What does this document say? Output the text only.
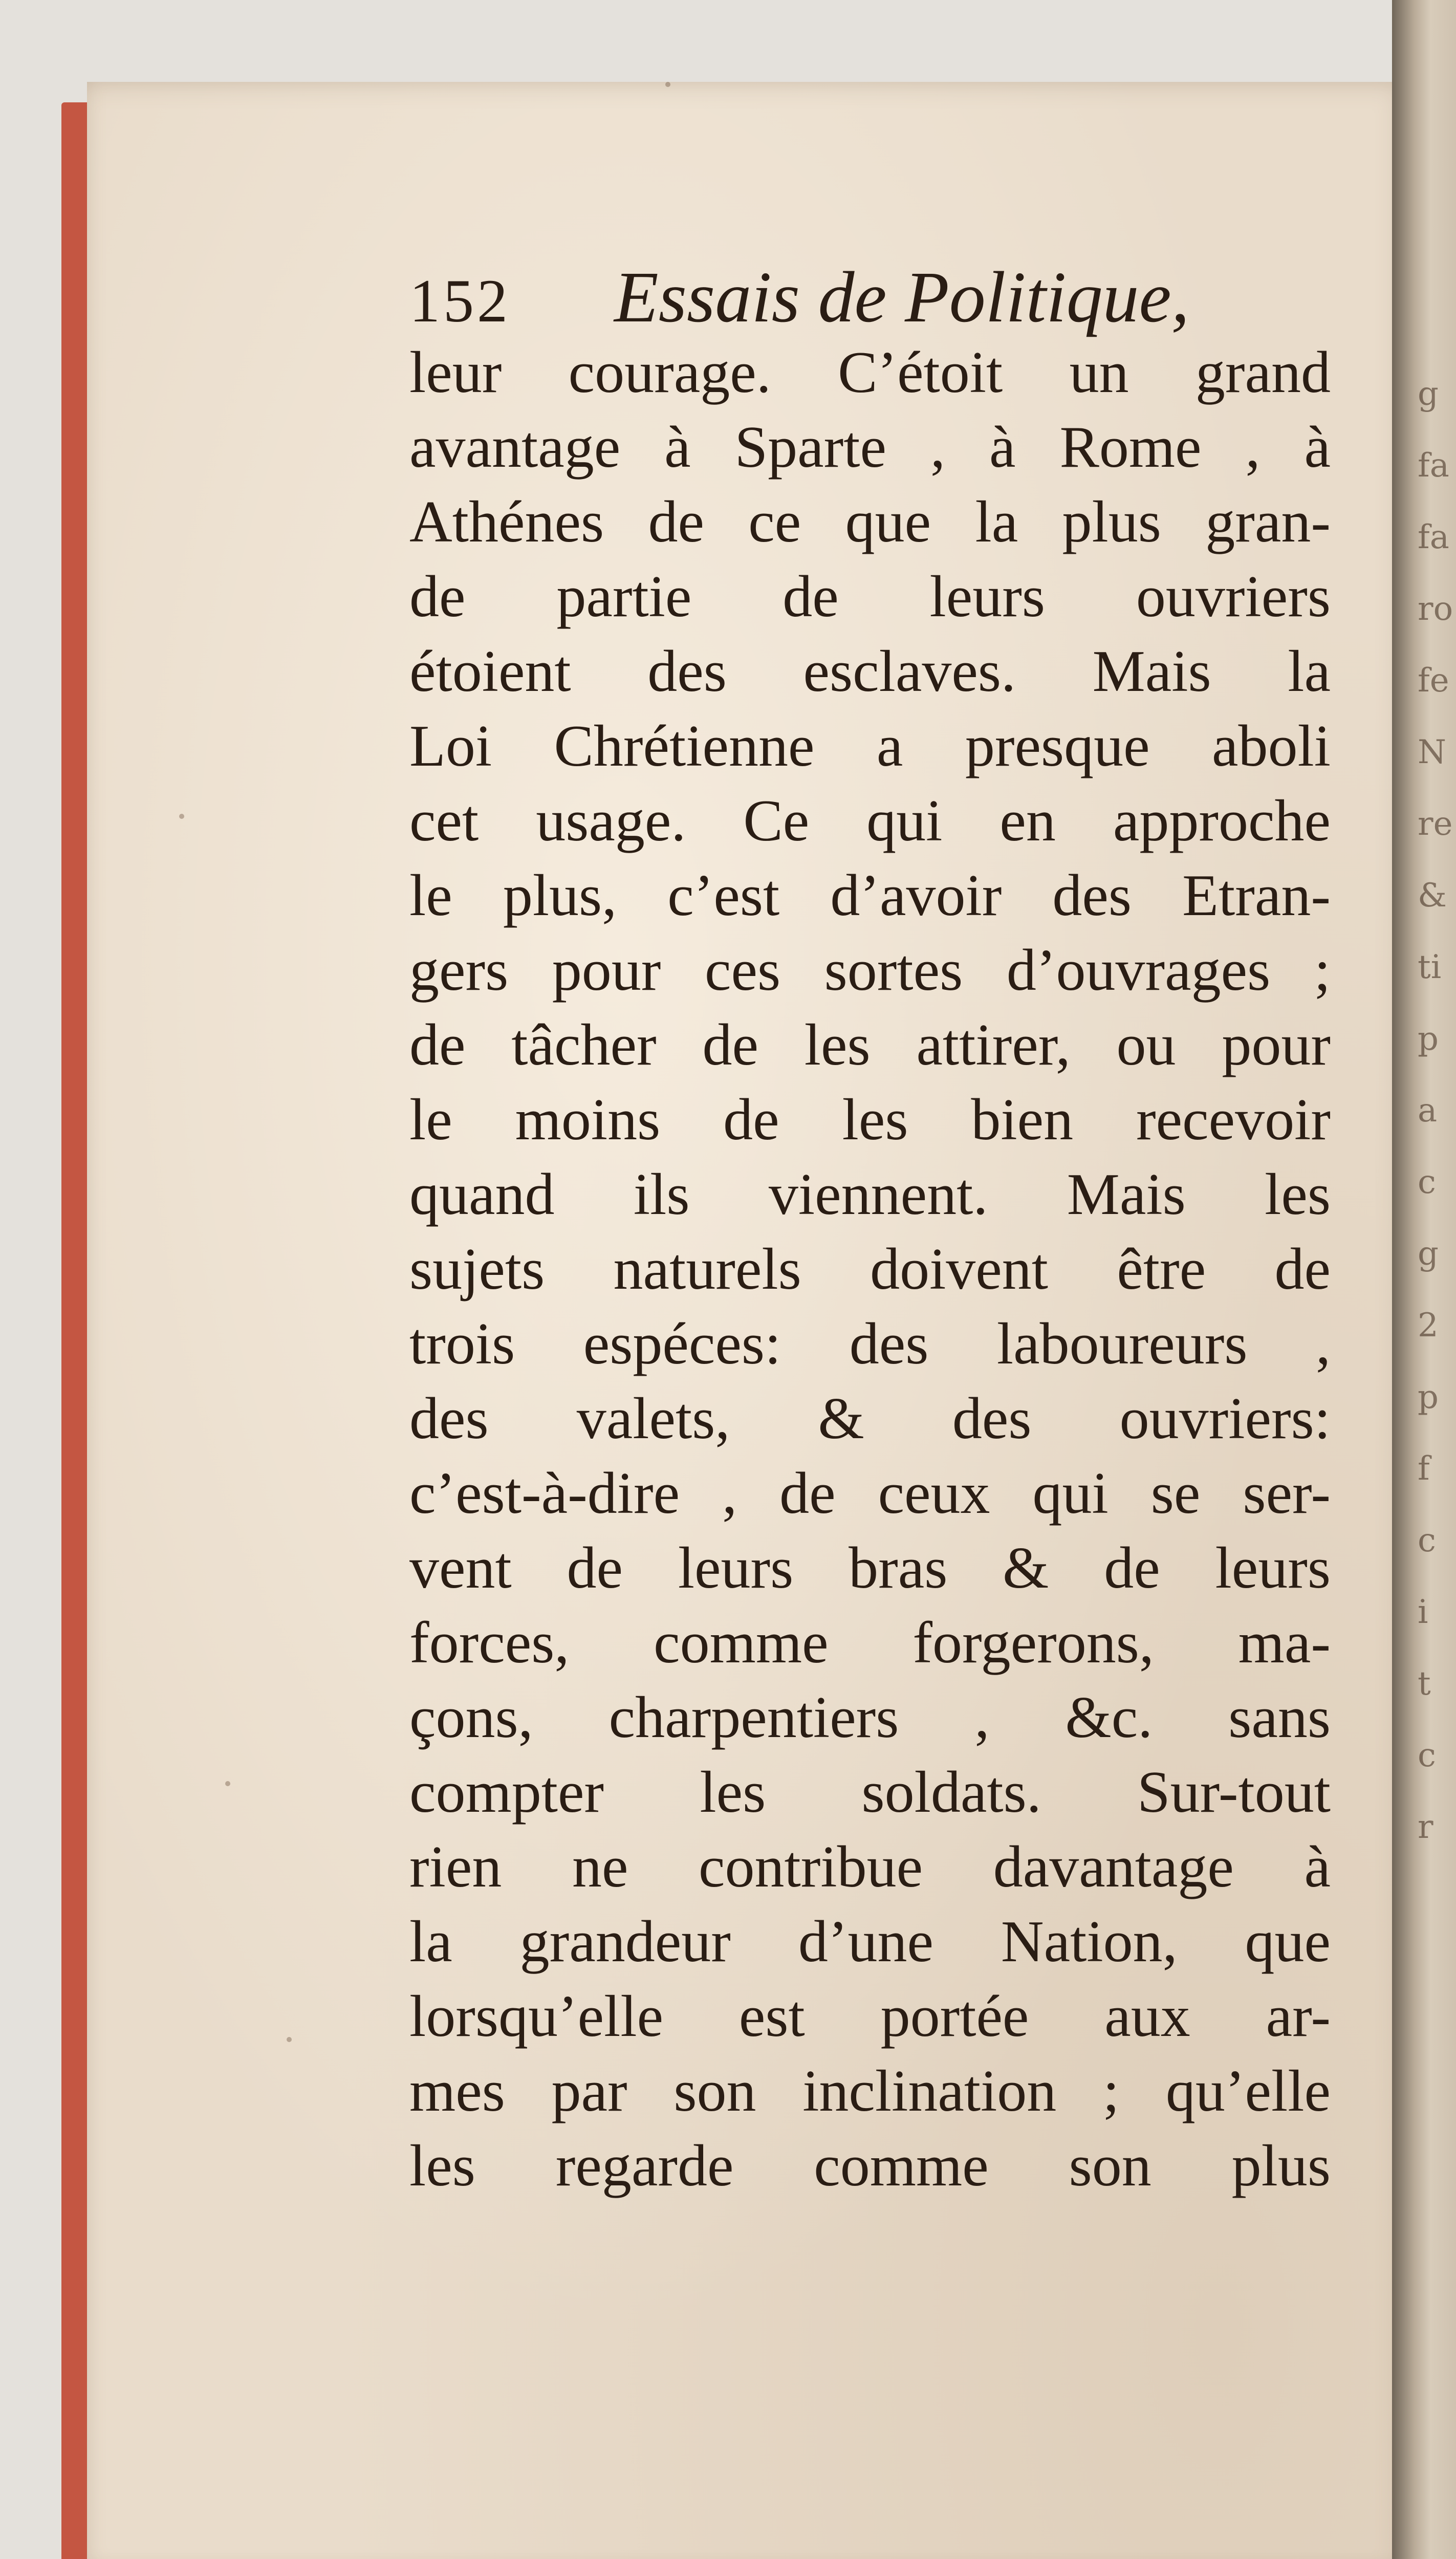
g
fa
fa
ro
fe
N
re
&
ti
p
a
c
g
2
p
f
c
i
t
c
r
152	Essais de Politique,
leur courage. C’étoit un grand
avantage à Sparte , à Rome , à
Athénes de ce que la plus gran-
de partie de leurs ouvriers
étoient des esclaves. Mais la
Loi Chrétienne a presque aboli
cet usage. Ce qui en approche
le plus, c’est d’avoir des Etran-
gers pour ces sortes d’ouvrages ;
de tâcher de les attirer, ou pour
le moins de les bien recevoir
quand ils viennent. Mais les
sujets naturels doivent être de
trois espéces: des laboureurs ,
des valets, & des ouvriers:
c’est-à-dire , de ceux qui se ser-
vent de leurs bras & de leurs
forces, comme forgerons, ma-
çons, charpentiers , &c. sans
compter les soldats. Sur-tout
rien ne contribue davantage à
la grandeur d’une Nation, que
lorsqu’elle est portée aux ar-
mes par son inclination ; qu’elle
les regarde comme son plus
